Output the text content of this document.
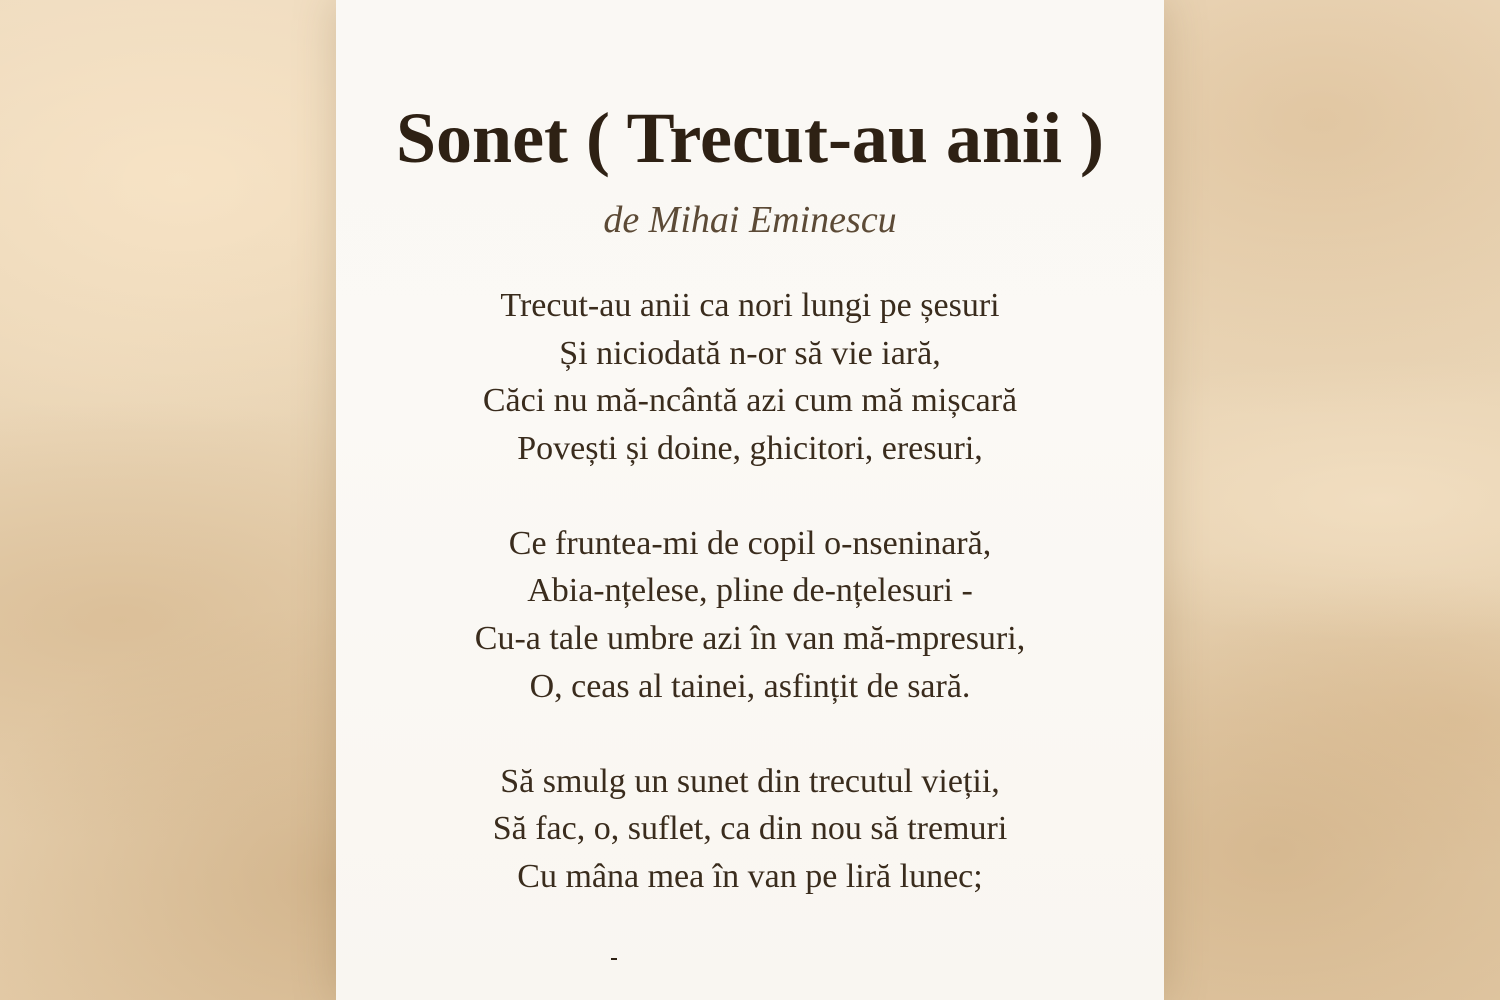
Sonet ( Trecut-au anii )
de Mihai Eminescu
Trecut-au anii ca nori lungi pe șesuri
Și niciodată n-or să vie iară,
Căci nu mă-ncântă azi cum mă mișcară
Povești și doine, ghicitori, eresuri,
Ce fruntea-mi de copil o-nseninară,
Abia-nțelese, pline de-nțelesuri -
Cu-a tale umbre azi în van mă-mpresuri,
O, ceas al tainei, asfințit de sară.
Să smulg un sunet din trecutul vieții,
Să fac, o, suflet, ca din nou să tremuri
Cu mâna mea în van pe liră lunec;
